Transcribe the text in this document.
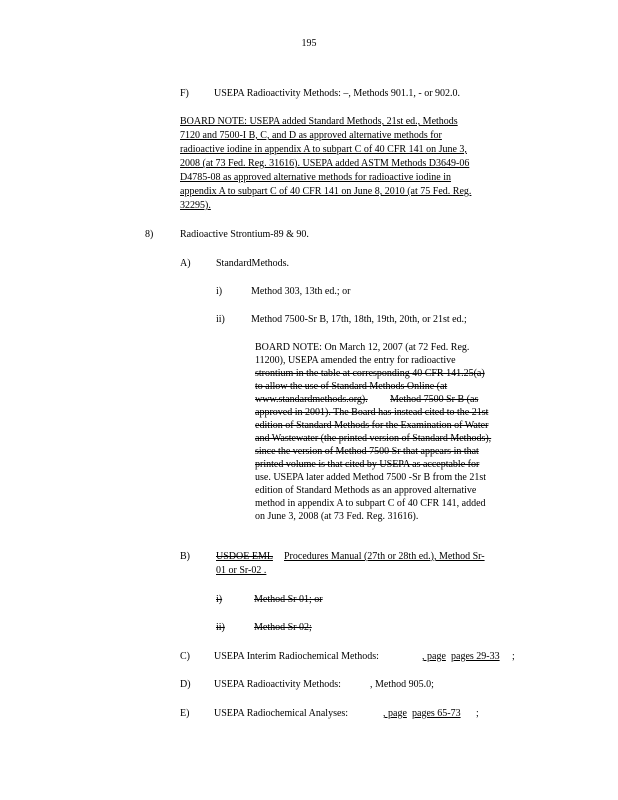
195
F)	USEPA Radioactivity Methods: –, Methods 901.1, - or 902.0.
BOARD NOTE: USEPA added Standard Methods, 21st ed., Methods
7120 and 7500-I B, C, and D as approved alternative methods for
radioactive iodine in appendix A to subpart C of 40 CFR 141 on June 3,
2008 (at 73 Fed. Reg. 31616). USEPA added ASTM Methods D3649-06
D4785-08 as approved alternative methods for radioactive iodine in
appendix A to subpart C of 40 CFR 141 on June 8, 2010 (at 75 Fed. Reg.
32295).
8)	Radioactive Strontium-89 & 90.
A)	StandardMethods.
i)	Method 303, 13th ed.; or
ii)	Method 7500-Sr B, 17th, 18th, 19th, 20th, or 21st ed.;
BOARD NOTE: On March 12, 2007 (at 72 Fed. Reg.
11200), USEPA amended the entry for radioactive
strontium in the table at corresponding 40 CFR 141.25(a)
to allow the use of Standard Methods Online (at
www.standardmethods.org). Method 7500 Sr B (as
approved in 2001). The Board has instead cited to the 21st
edition of Standard Methods for the Examination of Water
and Wastewater (the printed version of Standard Methods),
since the version of Method 7500 Sr that appears in that
printed volume is that cited by USEPA as acceptable for
use. USEPA later added Method 7500 -Sr B from the 21st
edition of Standard Methods as an approved alternative
method in appendix A to subpart C of 40 CFR 141, added
on June 3, 2008 (at 73 Fed. Reg. 31616).
B)	USDOE EML Procedures Manual (27th or 28th ed.), Method Sr-
01 or Sr-02 .
i)	Method Sr 01; or
ii)	Method Sr 02;
C) USEPA Interim Radiochemical Methods:	, page pages 29-33 ;
D) USEPA Radioactivity Methods:	, Method 905.0;
E) USEPA Radiochemical Analyses:	, page pages 65-73 ;
